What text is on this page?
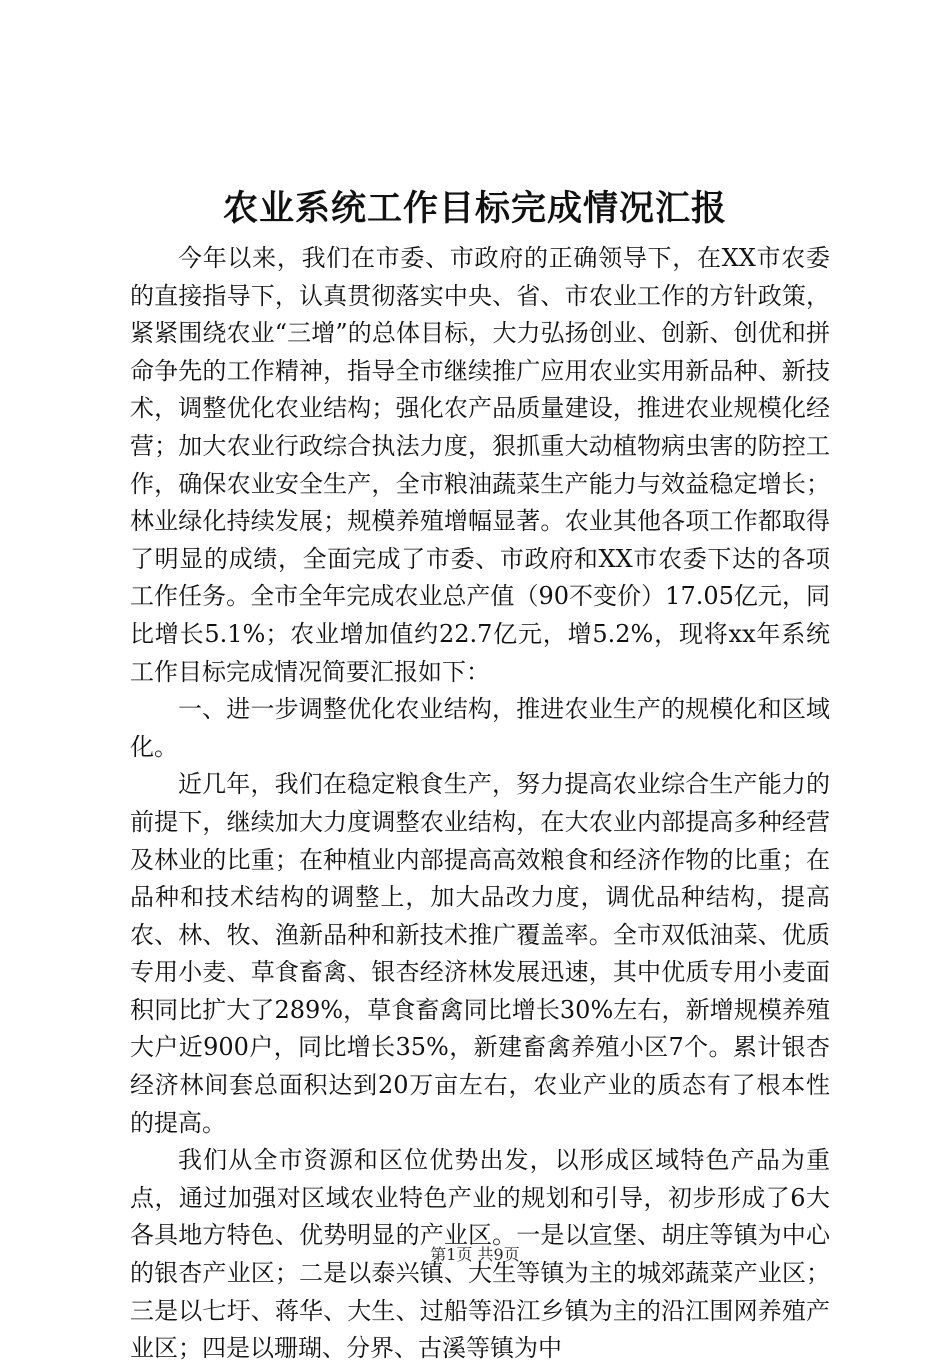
农业系统工作目标完成情况汇报

今年以来，我们在市委、市政府的正确领导下，在XX市农委的直接指导下，认真贯彻落实中央、省、市农业工作的方针政策，紧紧围绕农业“三增”的总体目标，大力弘扬创业、创新、创优和拼命争先的工作精神，指导全市继续推广应用农业实用新品种、新技术，调整优化农业结构；强化农产品质量建设，推进农业规模化经营；加大农业行政综合执法力度，狠抓重大动植物病虫害的防控工作，确保农业安全生产，全市粮油蔬菜生产能力与效益稳定增长；林业绿化持续发展；规模养殖增幅显著。农业其他各项工作都取得了明显的成绩，全面完成了市委、市政府和XX市农委下达的各项工作任务。全市全年完成农业总产值（90不变价）17.05亿元，同比增长5.1%；农业增加值约22.7亿元，增5.2%，现将xx年系统工作目标完成情况简要汇报如下：

一、进一步调整优化农业结构，推进农业生产的规模化和区域化。

近几年，我们在稳定粮食生产，努力提高农业综合生产能力的前提下，继续加大力度调整农业结构，在大农业内部提高多种经营及林业的比重；在种植业内部提高高效粮食和经济作物的比重；在品种和技术结构的调整上，加大品改力度，调优品种结构，提高农、林、牧、渔新品种和新技术推广覆盖率。全市双低油菜、优质专用小麦、草食畜禽、银杏经济林发展迅速，其中优质专用小麦面积同比扩大了289%，草食畜禽同比增长30%左右，新增规模养殖大户近900户，同比增长35%，新建畜禽养殖小区7个。累计银杏经济林间套总面积达到20万亩左右，农业产业的质态有了根本性的提高。

我们从全市资源和区位优势出发，以形成区域特色产品为重点，通过加强对区域农业特色产业的规划和引导，初步形成了6大各具地方特色、优势明显的产业区。一是以宣堡、胡庄等镇为中心的银杏产业区；二是以泰兴镇、大生等镇为主的城郊蔬菜产业区；三是以七圩、蒋华、大生、过船等沿江乡镇为主的沿江围网养殖产业区；四是以珊瑚、分界、古溪等镇为中

第1页 共9页
